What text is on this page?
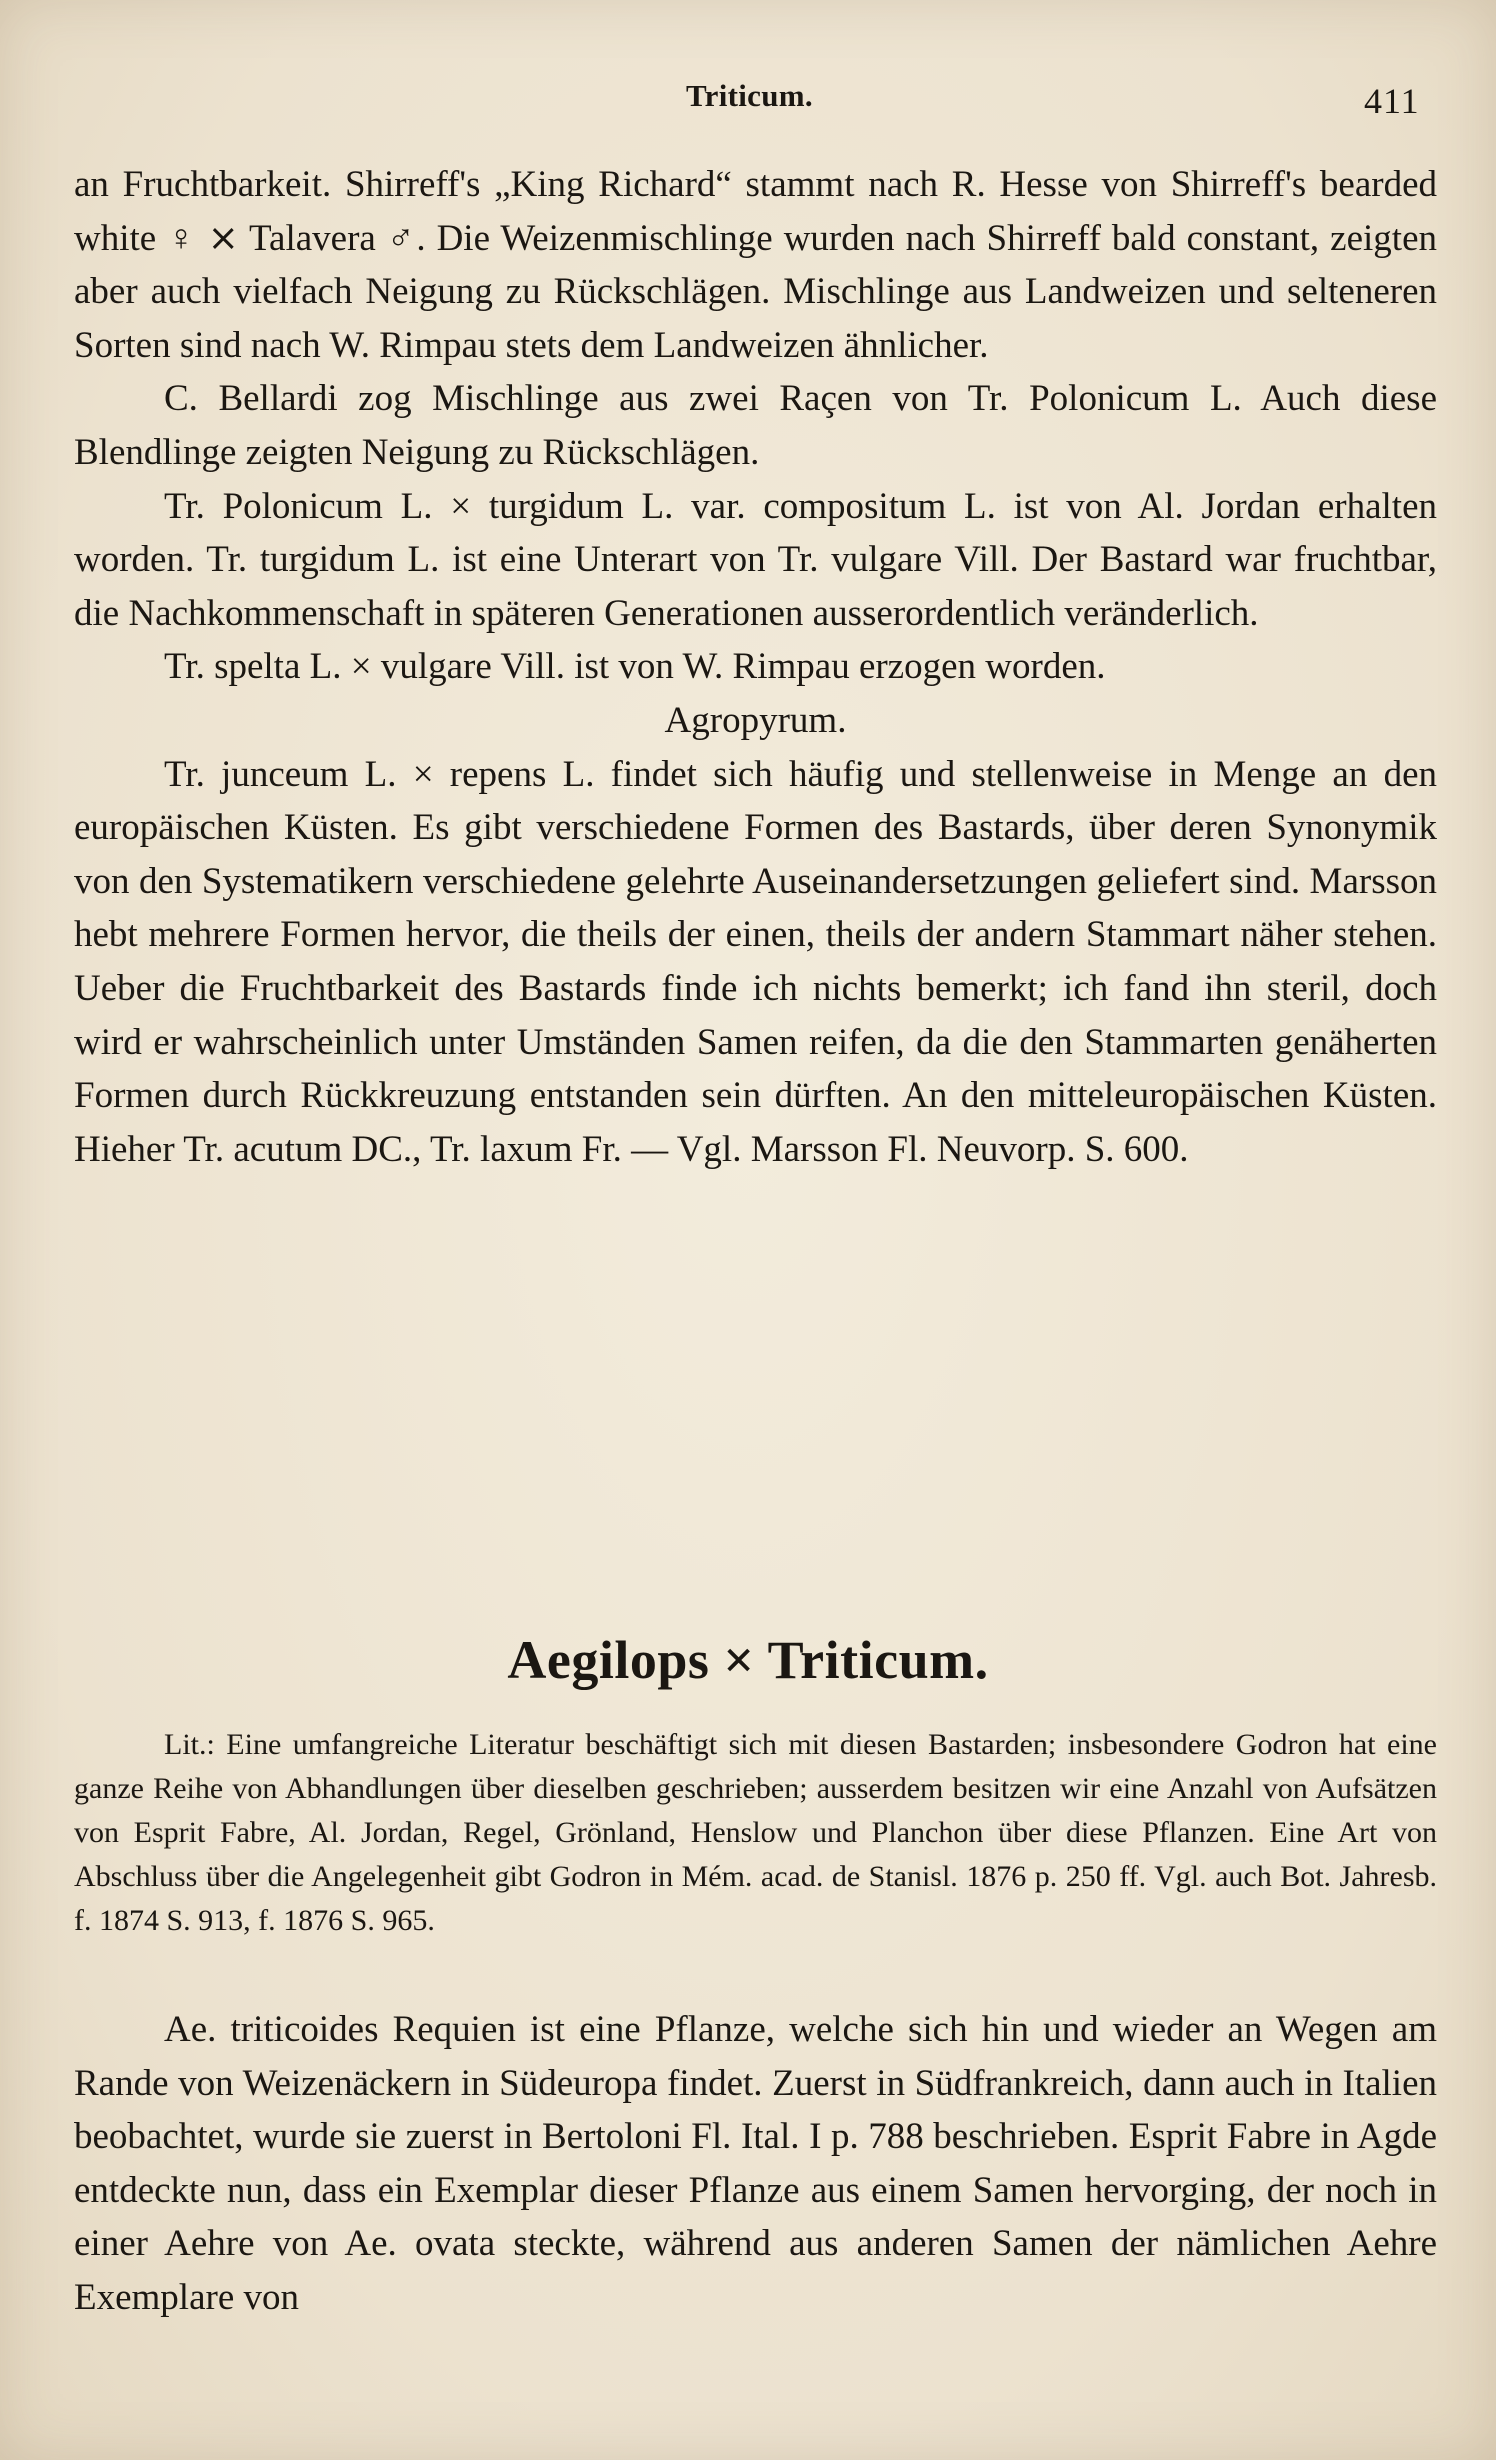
Triticum.	411

an Fruchtbarkeit. Shirreff's „King Richard“ stammt nach R. Hesse von Shirreff's bearded white ♀ ⨯ Talavera ♂. Die Weizenmischlinge wurden nach Shirreff bald constant, zeigten aber auch vielfach Neigung zu Rückschlägen. Mischlinge aus Landweizen und selteneren Sorten sind nach W. Rimpau stets dem Landweizen ähnlicher.

C. Bellardi zog Mischlinge aus zwei Raçen von Tr. Polonicum L. Auch diese Blendlinge zeigten Neigung zu Rückschlägen.

Tr. Polonicum L. × turgidum L. var. compositum L. ist von Al. Jordan erhalten worden. Tr. turgidum L. ist eine Unterart von Tr. vulgare Vill. Der Bastard war fruchtbar, die Nachkommenschaft in späteren Generationen ausserordentlich veränderlich.

Tr. spelta L. × vulgare Vill. ist von W. Rimpau erzogen worden.

Agropyrum.

Tr. junceum L. × repens L. findet sich häufig und stellenweise in Menge an den europäischen Küsten. Es gibt verschiedene Formen des Bastards, über deren Synonymik von den Systematikern verschiedene gelehrte Auseinandersetzungen geliefert sind. Marsson hebt mehrere Formen hervor, die theils der einen, theils der andern Stammart näher stehen. Ueber die Fruchtbarkeit des Bastards finde ich nichts bemerkt; ich fand ihn steril, doch wird er wahrscheinlich unter Umständen Samen reifen, da die den Stammarten genäherten Formen durch Rückkreuzung entstanden sein dürften. An den mitteleuropäischen Küsten. Hieher Tr. acutum DC., Tr. laxum Fr. — Vgl. Marsson Fl. Neuvorp. S. 600.

Aegilops × Triticum.

Lit.: Eine umfangreiche Literatur beschäftigt sich mit diesen Bastarden; insbesondere Godron hat eine ganze Reihe von Abhandlungen über dieselben geschrieben; ausserdem besitzen wir eine Anzahl von Aufsätzen von Esprit Fabre, Al. Jordan, Regel, Grönland, Henslow und Planchon über diese Pflanzen. Eine Art von Abschluss über die Angelegenheit gibt Godron in Mém. acad. de Stanisl. 1876 p. 250 ff. Vgl. auch Bot. Jahresb. f. 1874 S. 913, f. 1876 S. 965.

Ae. triticoides Requien ist eine Pflanze, welche sich hin und wieder an Wegen am Rande von Weizenäckern in Südeuropa findet. Zuerst in Südfrankreich, dann auch in Italien beobachtet, wurde sie zuerst in Bertoloni Fl. Ital. I p. 788 beschrieben. Esprit Fabre in Agde entdeckte nun, dass ein Exemplar dieser Pflanze aus einem Samen hervorging, der noch in einer Aehre von Ae. ovata steckte, während aus anderen Samen der nämlichen Aehre Exemplare von
